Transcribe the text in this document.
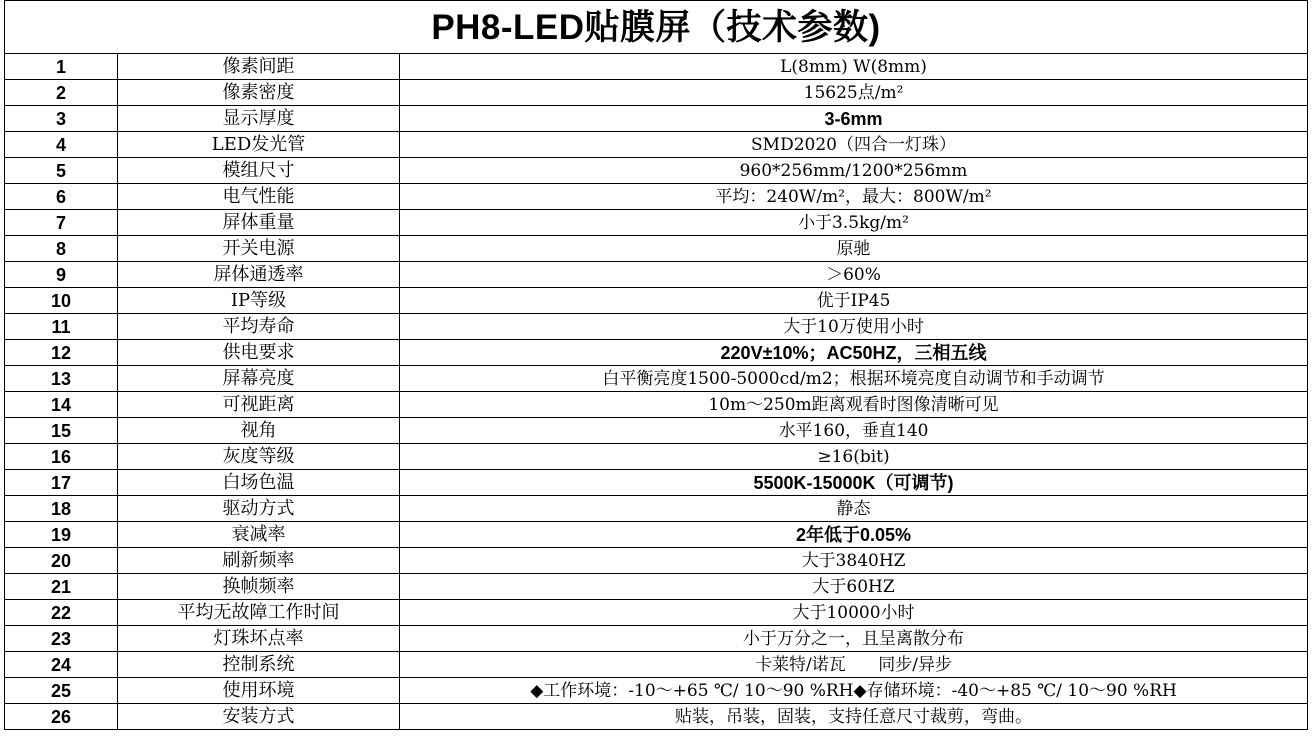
PH8-LED贴膜屏（技术参数)		
1	像素间距	L(8mm) W(8mm)
2	像素密度	15625点/m²
3	显示厚度	3-6mm
4	LED发光管	SMD2020（四合一灯珠）
5	模组尺寸	960*256mm/1200*256mm
6	电气性能	平均：240W/m²，最大：800W/m²
7	屏体重量	小于3.5kg/m²
8	开关电源	原驰
9	屏体通透率	＞60%
10	IP等级	优于IP45
11	平均寿命	大于10万使用小时
12	供电要求	220V±10%；AC50HZ，三相五线
13	屏幕亮度	白平衡亮度1500-5000cd/m2；根据环境亮度自动调节和手动调节
14	可视距离	10m～250m距离观看时图像清晰可见
15	视角	水平160，垂直140
16	灰度等级	≥16(bit)
17	白场色温	5500K-15000K（可调节)
18	驱动方式	静态
19	衰减率	2年低于0.05%
20	刷新频率	大于3840HZ
21	换帧频率	大于60HZ
22	平均无故障工作时间	大于10000小时
23	灯珠坏点率	小于万分之一，且呈离散分布
24	控制系统	卡莱特/诺瓦      同步/异步
25	使用环境	◆工作环境：-10～+65 ℃/ 10～90 %RH◆存储环境：-40～+85 ℃/ 10～90 %RH
26	安装方式	贴装，吊装，固装，支持任意尺寸裁剪，弯曲。
